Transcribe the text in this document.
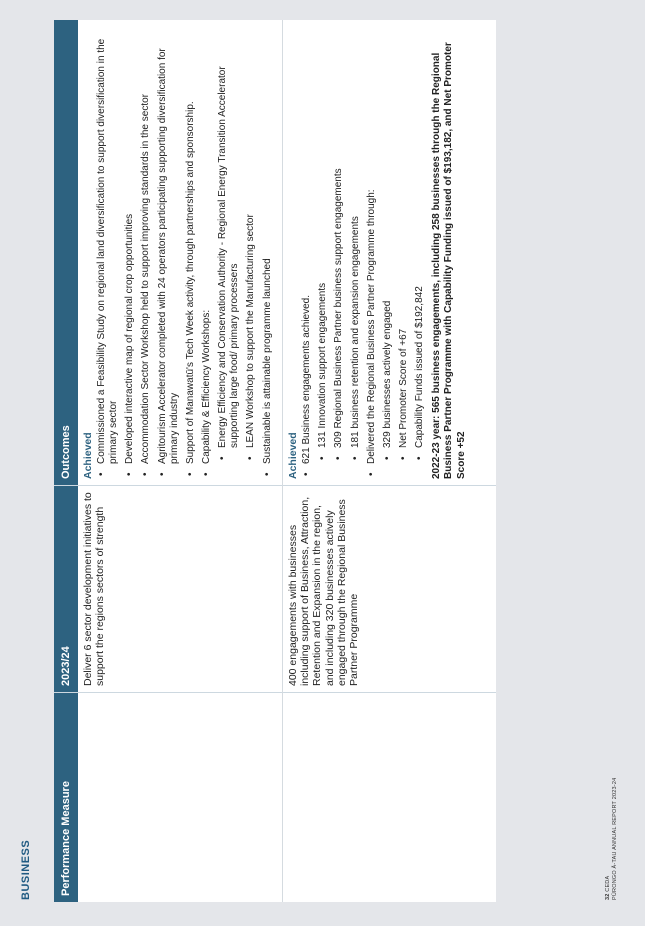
BUSINESS	Performance Measure
2023/24
Outcomes
Deliver 6 sector development initiatives to support the regions sectors of strength
Achieved • Commissioned a Feasibility Study on regional land diversification to support diversification in the primary sector • Developed interactive map of regional crop opportunities • Accommodation Sector Workshop held to support improving standards in the sector • Agritourism Accelerator completed with 24 operators participating supporting diversification for primary industry • Support of Manawatū's Tech Week activity, through partnerships and sponsorship. • Capability & Efficiency Workshops: • Energy Efficiency and Conservation Authority - Regional Energy Transition Accelerator supporting large food/ primary processers • LEAN Workshop to support the Manufacturing sector • Sustainable is attainable programme launched
400 engagements with businesses including support of Business, Attraction, Retention and Expansion in the region, and including 320 businesses actively engaged through the Regional Business Partner Programme
Achieved • 621 Business engagements achieved. • 131 Innovation support engagements • 309 Regional Business Partner business support engagements • 181 business retention and expansion engagements • Delivered the Regional Business Partner Programme through: • 329 businesses actively engaged • Net Promoter Score of +67 • Capability Funds issued of $192,842 2022-23 year: 565 business engagements, including 258 businesses through the Regional Business Partner Programme with Capability Funding issued of $193,182, and Net Promoter Score +52
32 CEDA PŪRONGO Ā-TAU ANNUAL REPORT 2023-24
